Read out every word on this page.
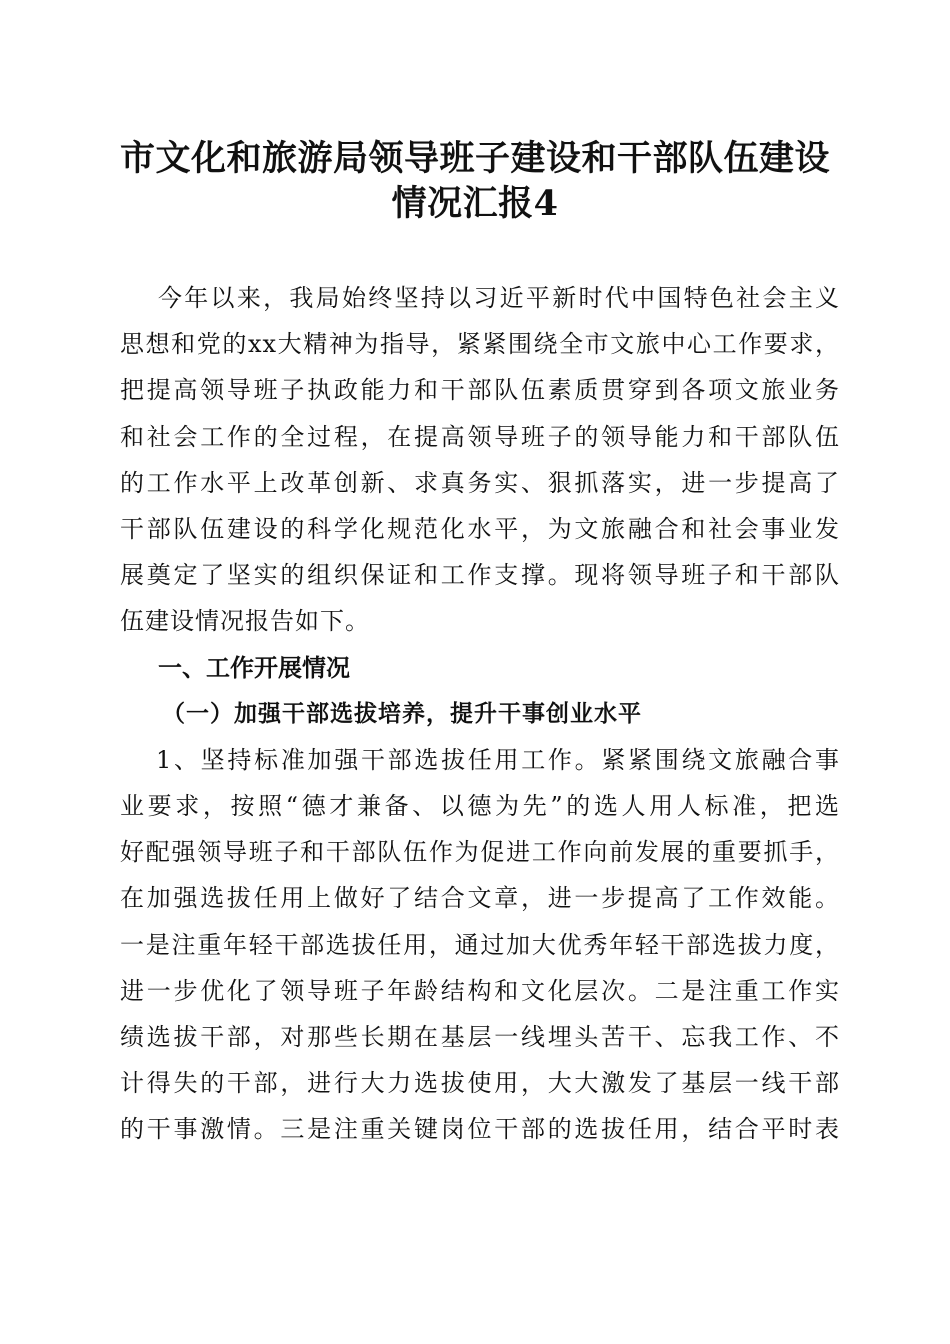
市文化和旅游局领导班子建设和干部队伍建设
情况汇报4
今年以来，我局始终坚持以习近平新时代中国特色社会主义
思想和党的xx大精神为指导，紧紧围绕全市文旅中心工作要求，
把提高领导班子执政能力和干部队伍素质贯穿到各项文旅业务
和社会工作的全过程，在提高领导班子的领导能力和干部队伍
的工作水平上改革创新、求真务实、狠抓落实，进一步提高了
干部队伍建设的科学化规范化水平，为文旅融合和社会事业发
展奠定了坚实的组织保证和工作支撑。现将领导班子和干部队
伍建设情况报告如下。
一、工作开展情况
（一）加强干部选拔培养，提升干事创业水平
1、坚持标准加强干部选拔任用工作。紧紧围绕文旅融合事
业要求，按照“德才兼备、以德为先”的选人用人标准，把选
好配强领导班子和干部队伍作为促进工作向前发展的重要抓手，
在加强选拔任用上做好了结合文章，进一步提高了工作效能。
一是注重年轻干部选拔任用，通过加大优秀年轻干部选拔力度，
进一步优化了领导班子年龄结构和文化层次。二是注重工作实
绩选拔干部，对那些长期在基层一线埋头苦干、忘我工作、不
计得失的干部，进行大力选拔使用，大大激发了基层一线干部
的干事激情。三是注重关键岗位干部的选拔任用，结合平时表
